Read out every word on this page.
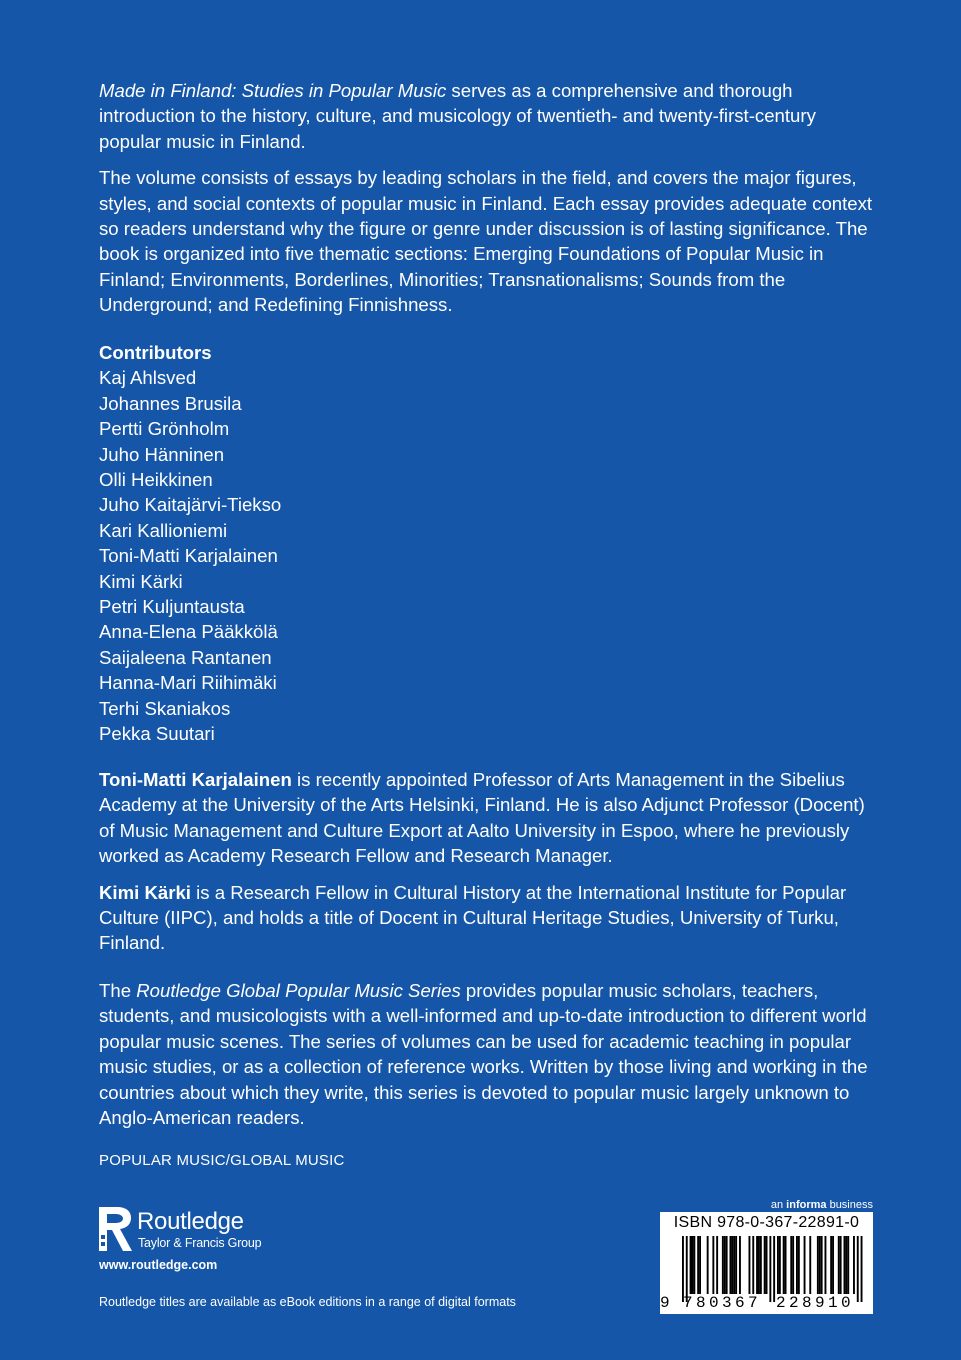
Made in Finland: Studies in Popular Music serves as a comprehensive and thorough introduction to the history, culture, and musicology of twentieth- and twenty-first-century popular music in Finland.

The volume consists of essays by leading scholars in the field, and covers the major figures, styles, and social contexts of popular music in Finland. Each essay provides adequate context so readers understand why the figure or genre under discussion is of lasting significance. The book is organized into five thematic sections: Emerging Foundations of Popular Music in Finland; Environments, Borderlines, Minorities; Transnationalisms; Sounds from the Underground; and Redefining Finnishness.

Contributors
Kaj Ahlsved
Johannes Brusila
Pertti Grönholm
Juho Hänninen
Olli Heikkinen
Juho Kaitajärvi-Tiekso
Kari Kallioniemi
Toni-Matti Karjalainen
Kimi Kärki
Petri Kuljuntausta
Anna-Elena Pääkkölä
Saijaleena Rantanen
Hanna-Mari Riihimäki
Terhi Skaniakos
Pekka Suutari

Toni-Matti Karjalainen is recently appointed Professor of Arts Management in the Sibelius Academy at the University of the Arts Helsinki, Finland. He is also Adjunct Professor (Docent) of Music Management and Culture Export at Aalto University in Espoo, where he previously worked as Academy Research Fellow and Research Manager.

Kimi Kärki is a Research Fellow in Cultural History at the International Institute for Popular Culture (IIPC), and holds a title of Docent in Cultural Heritage Studies, University of Turku, Finland.

The Routledge Global Popular Music Series provides popular music scholars, teachers, students, and musicologists with a well-informed and up-to-date introduction to different world popular music scenes. The series of volumes can be used for academic teaching in popular music studies, or as a collection of reference works. Written by those living and working in the countries about which they write, this series is devoted to popular music largely unknown to Anglo-American readers.

POPULAR MUSIC/GLOBAL MUSIC
Routledge
Taylor & Francis Group
www.routledge.com
Routledge titles are available as eBook editions in a range of digital formats
an informa business
ISBN 978-0-367-22891-0
9 780367 228910
